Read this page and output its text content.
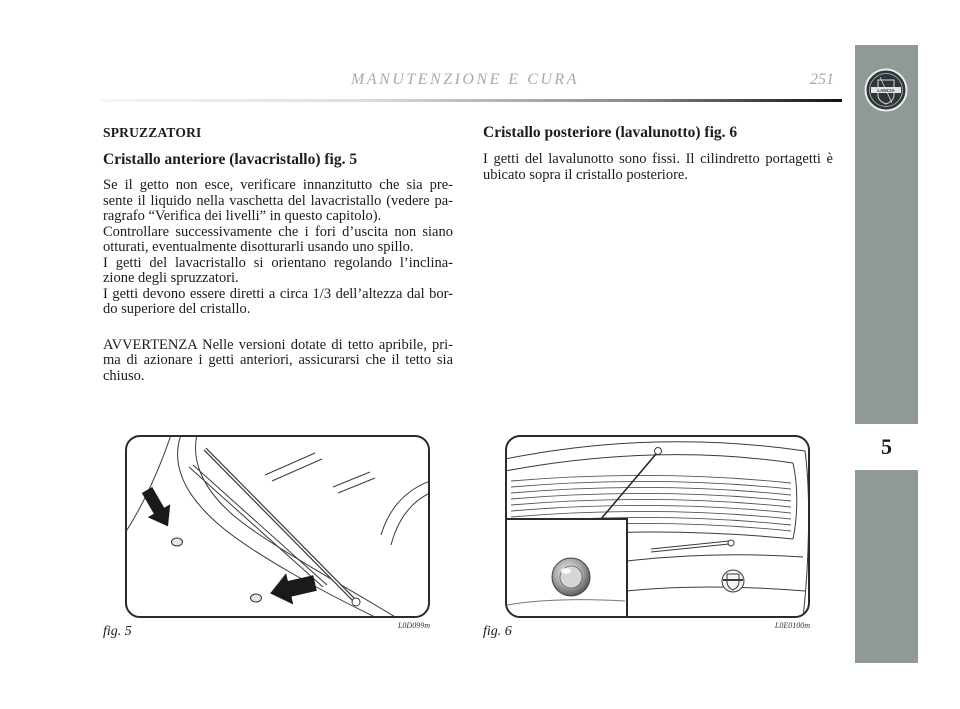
MANUTENZIONE E CURA	251
LANCIA
5
SPRUZZATORI
Cristallo anteriore (lavacristallo) fig. 5
Se il getto non esce, verificare innanzitutto che sia pre-
sente il liquido nella vaschetta del lavacristallo (vedere pa-
ragrafo “Verifica dei livelli” in questo capitolo).
Controllare successivamente che i fori d’uscita non siano
otturati, eventualmente disotturarli usando uno spillo.
I getti del lavacristallo si orientano regolando l’inclina-
zione degli spruzzatori.
I getti devono essere diretti a circa 1/3 dell’altezza dal bor-
do superiore del cristallo.
AVVERTENZA Nelle versioni dotate di tetto apribile, pri-
ma di azionare i getti anteriori, assicurarsi che il tetto sia
chiuso.
Cristallo posteriore (lavalunotto) fig. 6
I getti del lavalunotto sono fissi. Il cilindretto portagetti è
ubicato sopra il cristallo posteriore.
fig. 5	L0D099m	fig. 6	L0E0100m
